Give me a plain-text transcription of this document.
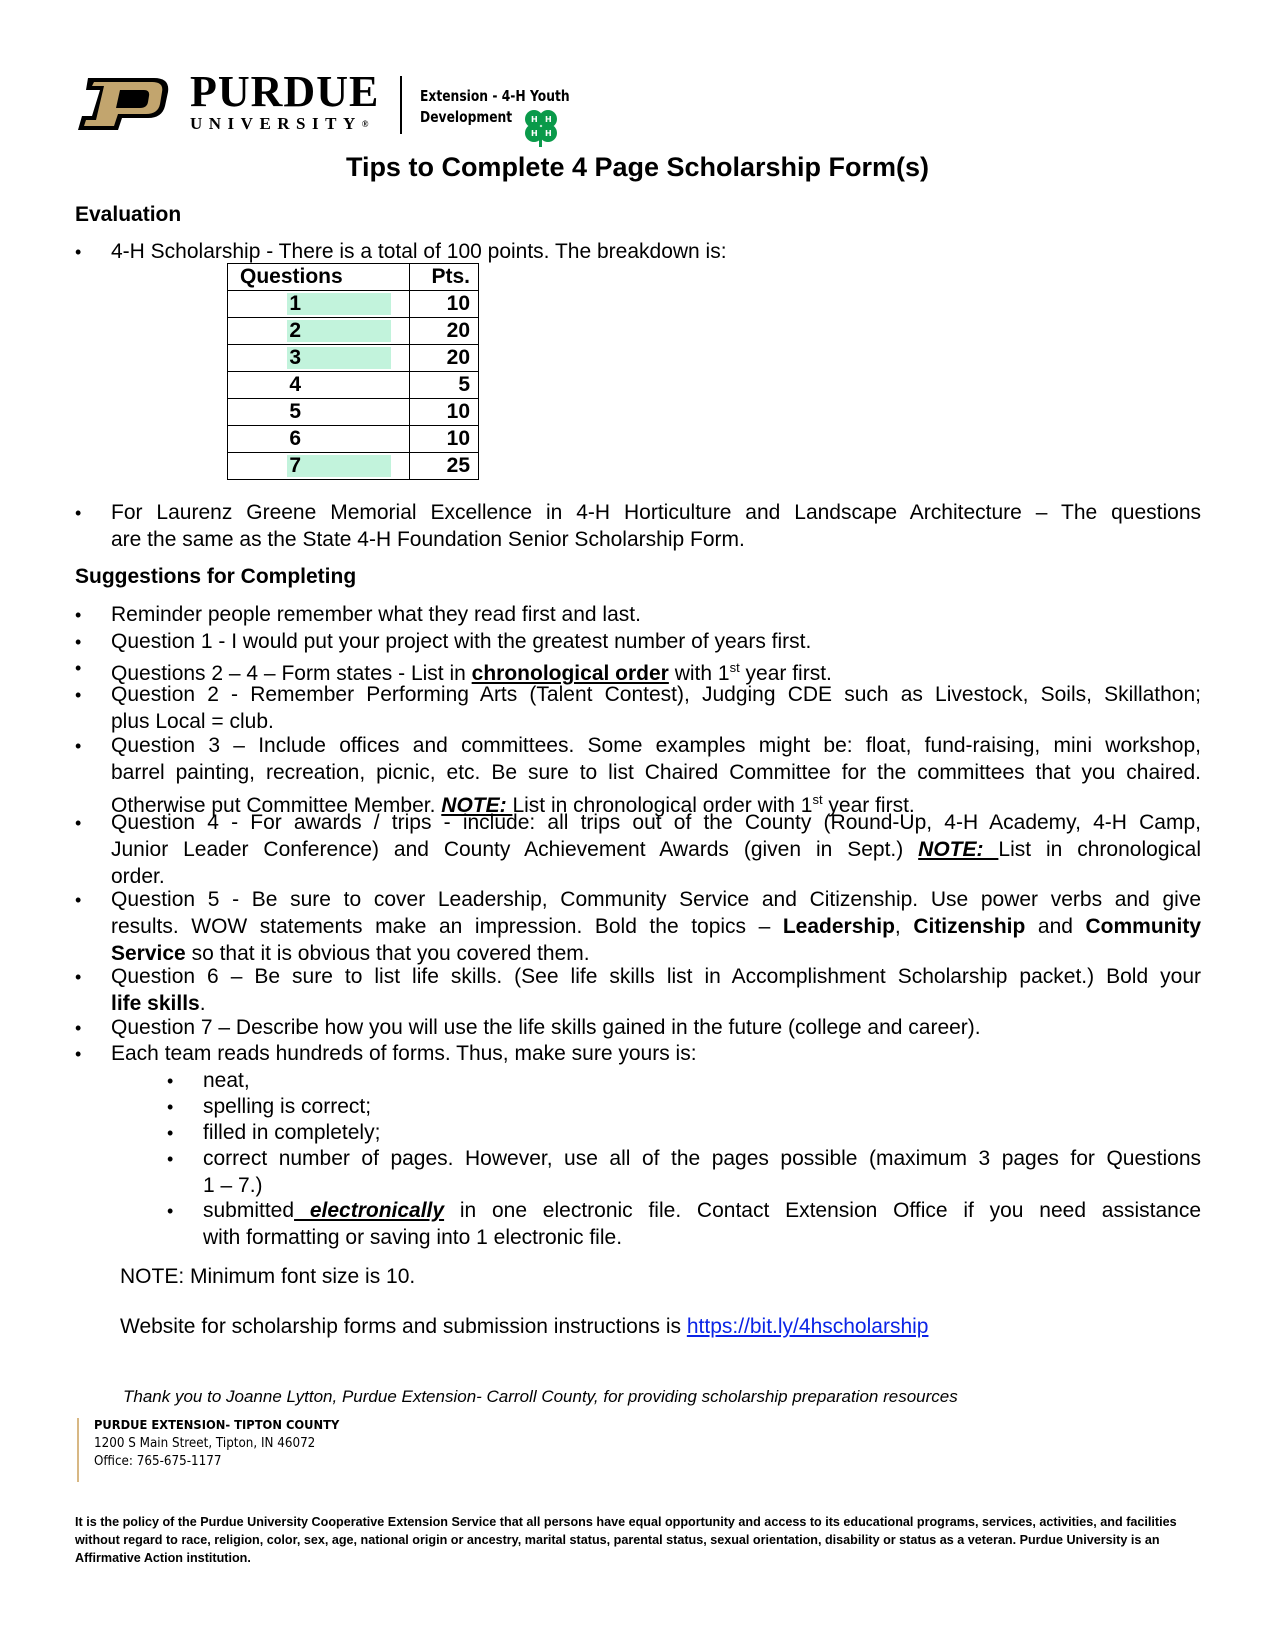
PURDUE
UNIVERSITY®
Extension - 4-H Youth
Development	H H
H H
Tips to Complete 4 Page Scholarship Form(s)
Evaluation
• 4-H Scholarship - There is a total of 100 points. The breakdown is:
Questions	Pts.

1	10

2	20

3	20

4	5

5	10

6	10

7	25
• For Laurenz Greene Memorial Excellence in 4-H Horticulture and Landscape Architecture – The questions
are the same as the State 4-H Foundation Senior Scholarship Form.
Suggestions for Completing
• Reminder people remember what they read first and last.
• Question 1 - I would put your project with the greatest number of years first.
• Questions 2 – 4 – Form states - List in chronological order with 1st year first.
• Question 2 - Remember Performing Arts (Talent Contest), Judging CDE such as Livestock, Soils, Skillathon;
plus Local = club.
• Question 3 – Include offices and committees. Some examples might be: float, fund-raising, mini workshop,
barrel painting, recreation, picnic, etc. Be sure to list Chaired Committee for the committees that you chaired.
Otherwise put Committee Member. NOTE: List in chronological order with 1st year first.
• Question 4 - For awards / trips - include: all trips out of the County (Round-Up, 4-H Academy, 4-H Camp,
Junior Leader Conference) and County Achievement Awards (given in Sept.) NOTE: List in chronological
order.
• Question 5 - Be sure to cover Leadership, Community Service and Citizenship. Use power verbs and give
results. WOW statements make an impression. Bold the topics – Leadership, Citizenship and Community
Service so that it is obvious that you covered them.
• Question 6 – Be sure to list life skills. (See life skills list in Accomplishment Scholarship packet.) Bold your
life skills.
• Question 7 – Describe how you will use the life skills gained in the future (college and career).
• Each team reads hundreds of forms. Thus, make sure yours is:
• neat,
• spelling is correct;
• filled in completely;
• correct number of pages. However, use all of the pages possible (maximum 3 pages for Questions
1 – 7.)
• submitted electronically in one electronic file. Contact Extension Office if you need assistance
with formatting or saving into 1 electronic file.
NOTE: Minimum font size is 10.
Website for scholarship forms and submission instructions is https://bit.ly/4hscholarship
Thank you to Joanne Lytton, Purdue Extension- Carroll County, for providing scholarship preparation resources
PURDUE EXTENSION- TIPTON COUNTY
1200 S Main Street, Tipton, IN 46072
Office: 765-675-1177
It is the policy of the Purdue University Cooperative Extension Service that all persons have equal opportunity and access to its educational programs, services, activities, and facilities without regard to race, religion, color, sex, age, national origin or ancestry, marital status, parental status, sexual orientation, disability or status as a veteran. Purdue University is an Affirmative Action institution.
